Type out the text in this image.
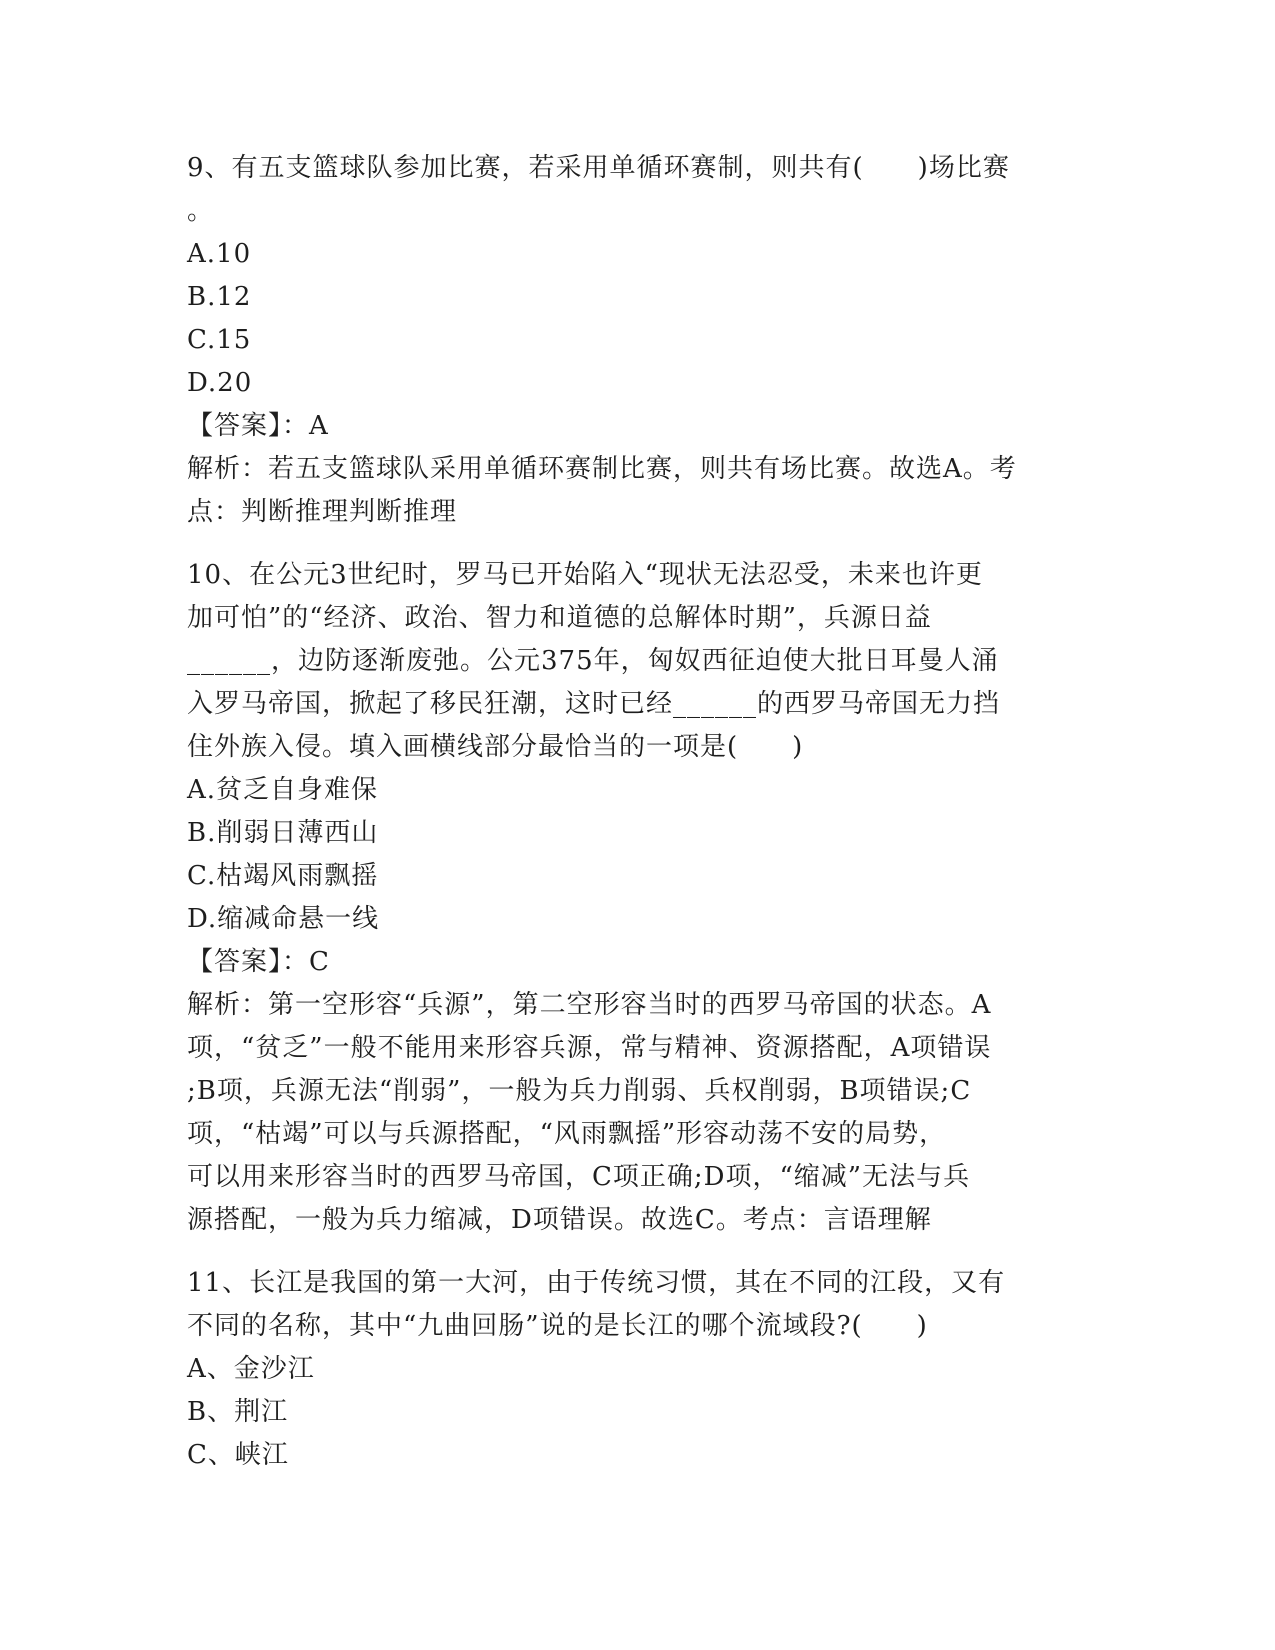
9、有五支篮球队参加比赛，若采用单循环赛制，则共有(　　)场比赛
。
A.10
B.12
C.15
D.20
【答案】：A
解析：若五支篮球队采用单循环赛制比赛，则共有场比赛。故选A。考
点：判断推理判断推理
10、在公元3世纪时，罗马已开始陷入“现状无法忍受，未来也许更
加可怕”的“经济、政治、智力和道德的总解体时期”，兵源日益
______，边防逐渐废弛。公元375年，匈奴西征迫使大批日耳曼人涌
入罗马帝国，掀起了移民狂潮，这时已经______的西罗马帝国无力挡
住外族入侵。填入画横线部分最恰当的一项是(　　)
A.贫乏自身难保
B.削弱日薄西山
C.枯竭风雨飘摇
D.缩减命悬一线
【答案】：C
解析：第一空形容“兵源”，第二空形容当时的西罗马帝国的状态。A
项，“贫乏”一般不能用来形容兵源，常与精神、资源搭配，A项错误
;B项，兵源无法“削弱”，一般为兵力削弱、兵权削弱，B项错误;C
项，“枯竭”可以与兵源搭配，“风雨飘摇”形容动荡不安的局势，
可以用来形容当时的西罗马帝国，C项正确;D项，“缩减”无法与兵
源搭配，一般为兵力缩减，D项错误。故选C。考点：言语理解
11、长江是我国的第一大河，由于传统习惯，其在不同的江段，又有
不同的名称，其中“九曲回肠”说的是长江的哪个流域段?(　　)
A、金沙江
B、荆江
C、峡江
